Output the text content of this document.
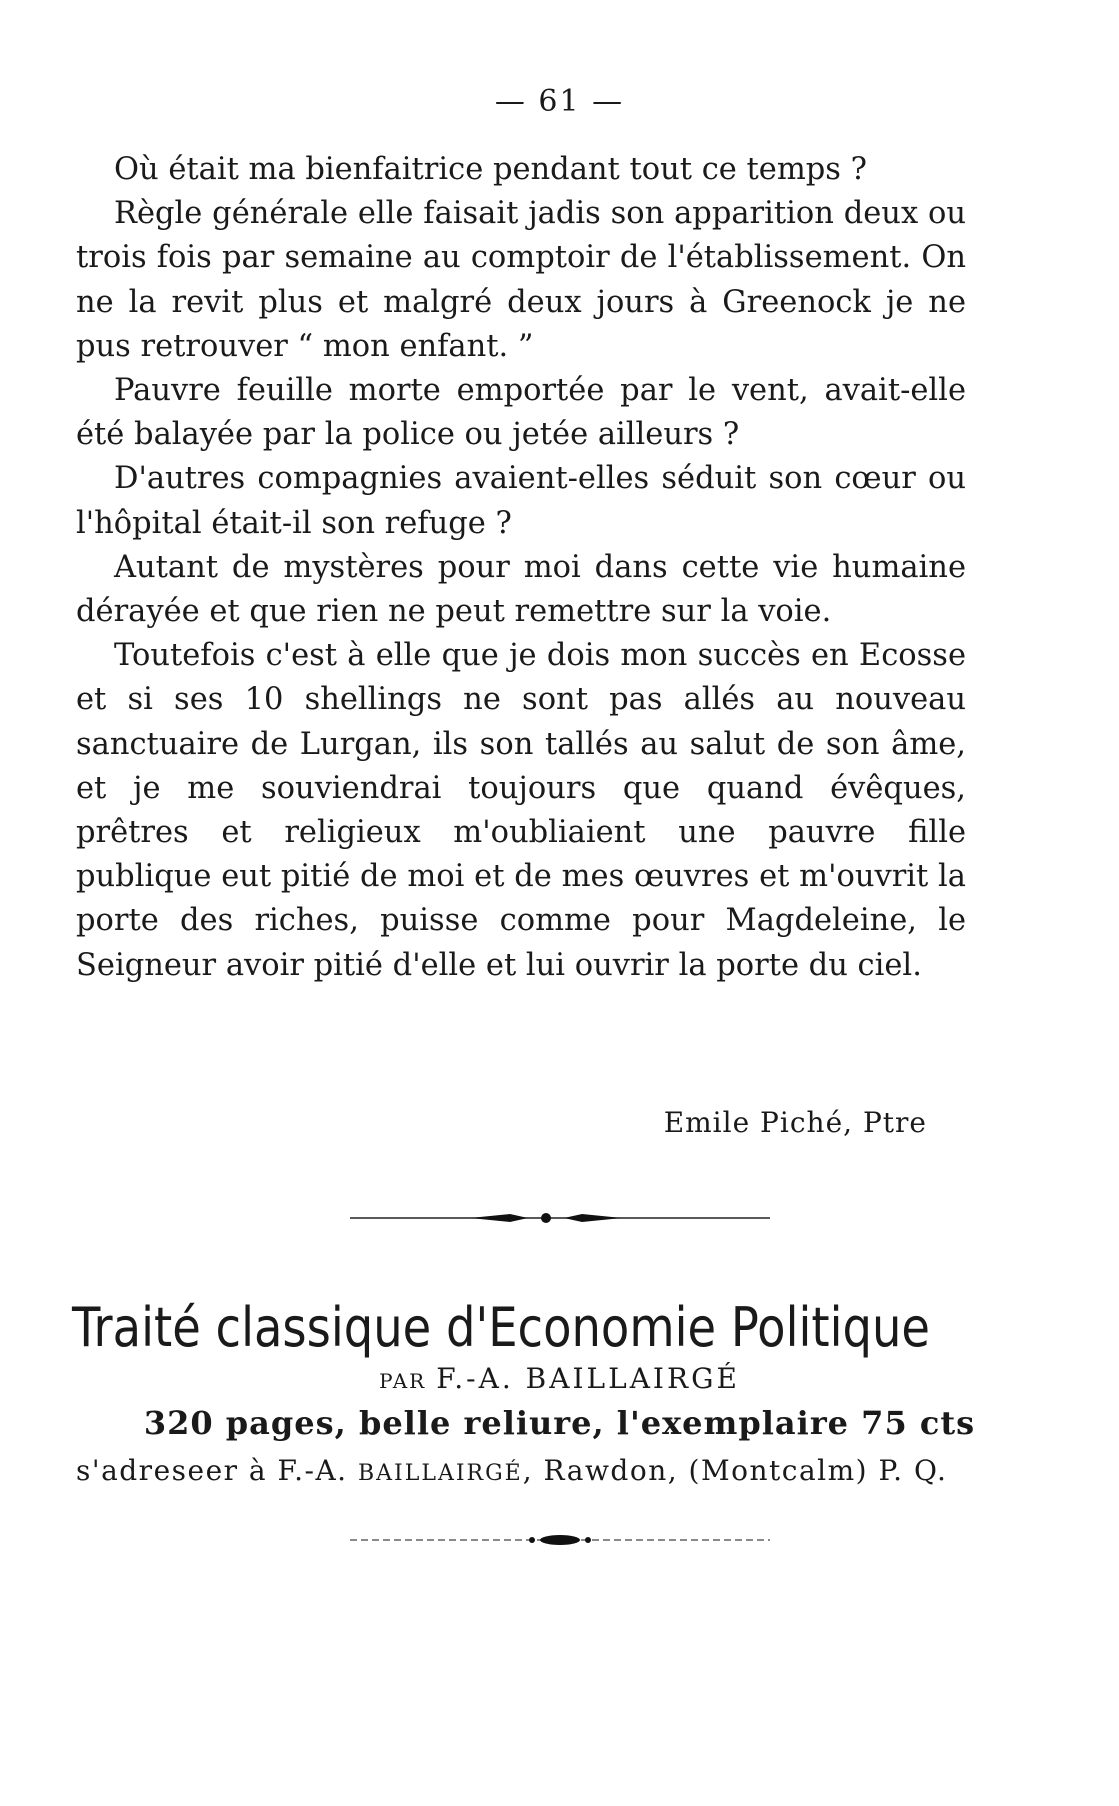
— 61 —

Où était ma bienfaitrice pendant tout ce temps ?

Règle générale elle faisait jadis son apparition deux ou trois fois par semaine au comptoir de l'établissement. On ne la revit plus et malgré deux jours à Greenock je ne pus retrouver “ mon enfant. ”

Pauvre feuille morte emportée par le vent, avait-elle été balayée par la police ou jetée ailleurs ?

D'autres compagnies avaient-elles séduit son cœur ou l'hôpital était-il son refuge ?

Autant de mystères pour moi dans cette vie humaine dérayée et que rien ne peut remettre sur la voie.

Toutefois c'est à elle que je dois mon succès en Ecosse et si ses 10 shellings ne sont pas allés au nouveau sanctuaire de Lurgan, ils son tallés au salut de son âme, et je me souviendrai toujours que quand évêques, prêtres et religieux m'oubliaient une pauvre fille publique eut pitié de moi et de mes œuvres et m'ouvrit la porte des riches, puisse comme pour Magdeleine, le Seigneur avoir pitié d'elle et lui ouvrir la porte du ciel.

Emile Piché, Ptre
Traité classique d'Economie Politique
PAR F.-A. BAILLAIRGÉ
320 pages, belle reliure, l'exemplaire 75 cts
s'adreseer à F.-A. BAILLAIRGÉ, Rawdon, (Montcalm) P. Q.
